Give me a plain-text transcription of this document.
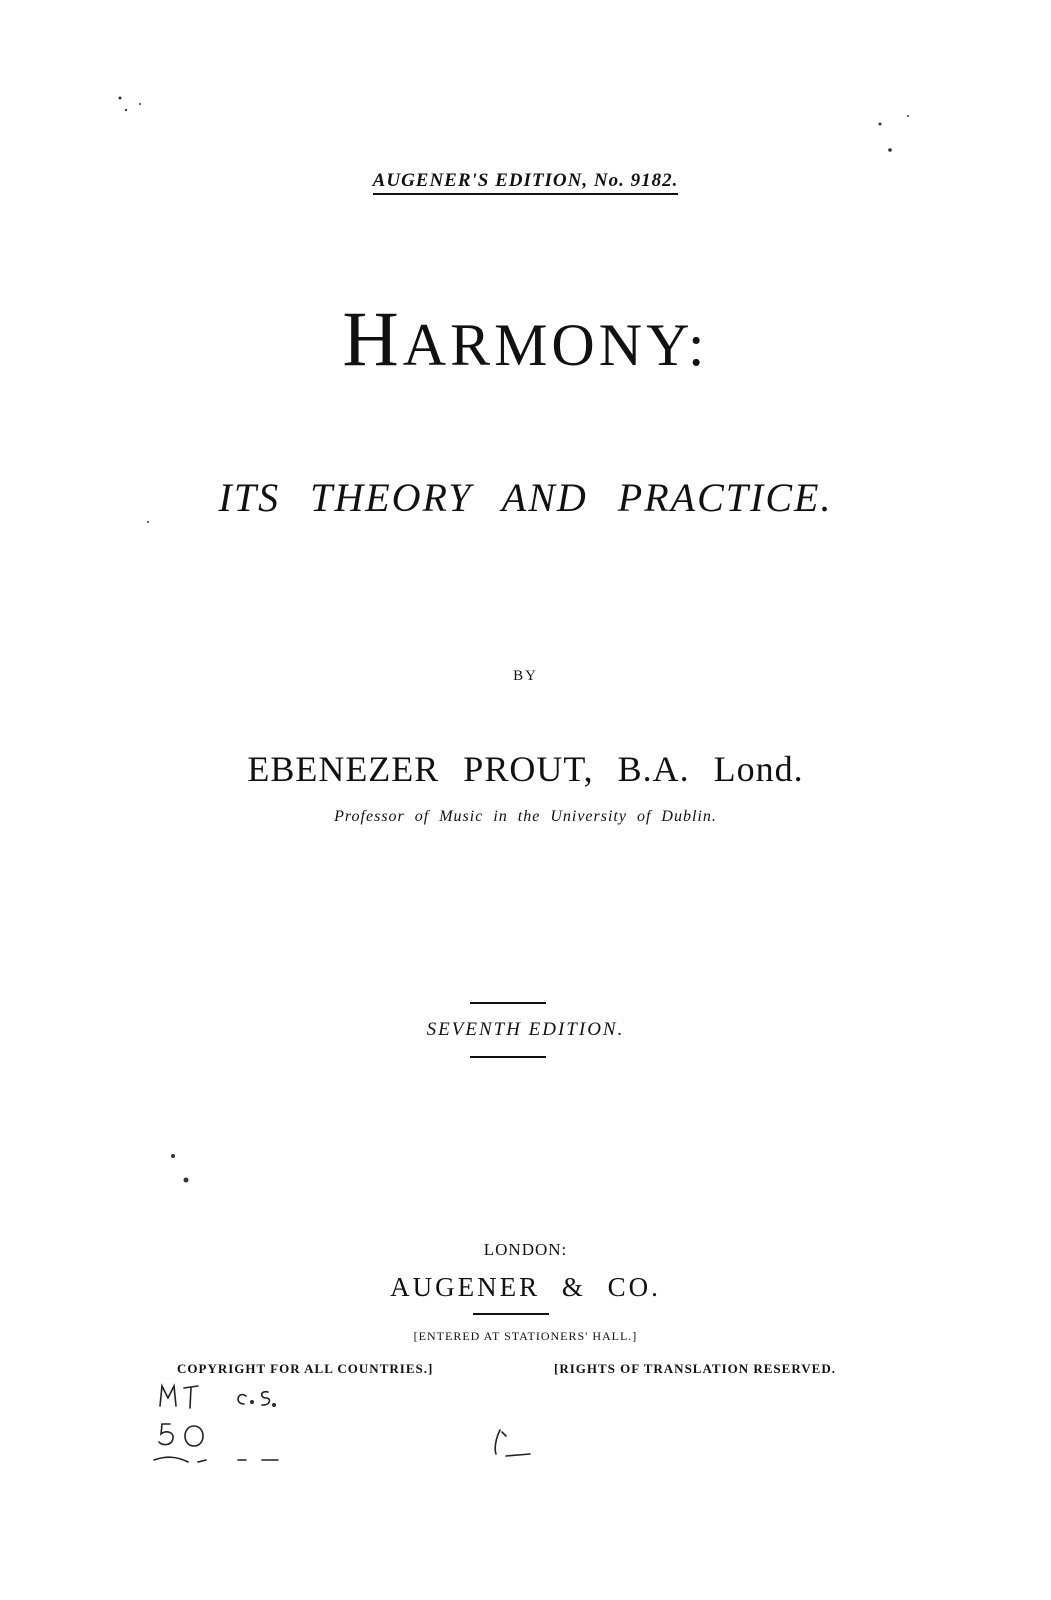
AUGENER'S EDITION, No. 9182.
HARMONY:
ITS THEORY AND PRACTICE.
BY
EBENEZER PROUT, B.A. Lond.
Professor of Music in the University of Dublin.
SEVENTH EDITION.
LONDON:
AUGENER & CO.
[ENTERED AT STATIONERS' HALL.]
COPYRIGHT FOR ALL COUNTRIES.]	[RIGHTS OF TRANSLATION RESERVED.
